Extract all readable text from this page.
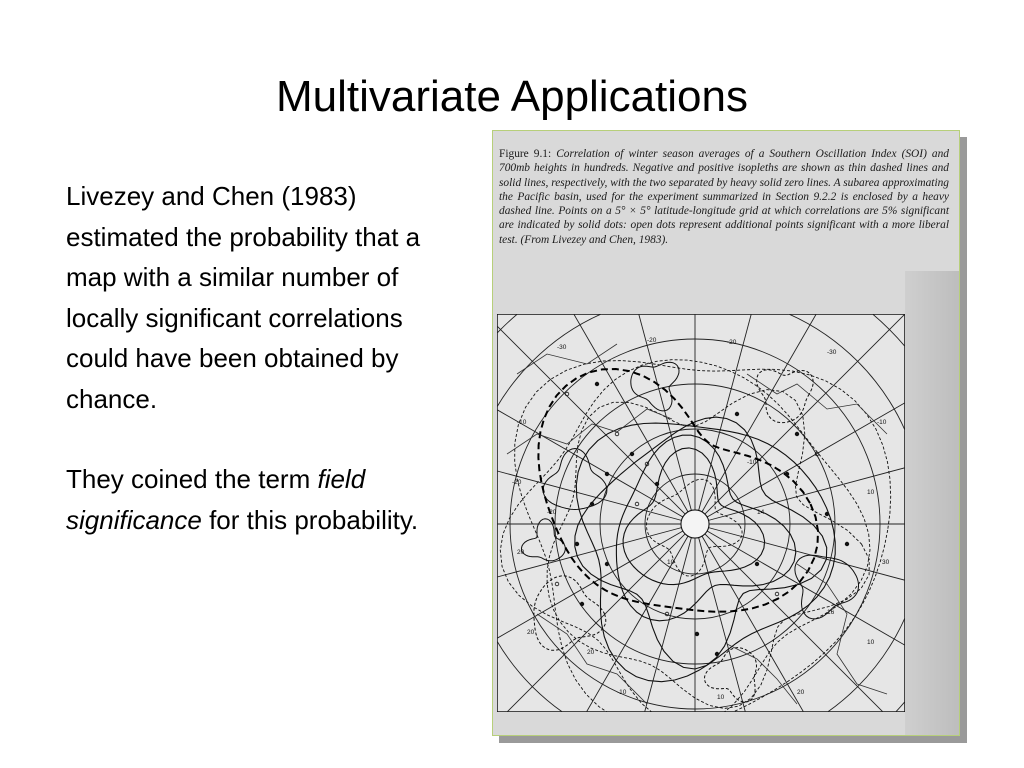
Multivariate Applications

Livezey and Chen (1983) estimated the probability that a map with a similar number of locally significant correlations could have been obtained by chance.

They coined the term field significance for this probability.

Figure 9.1: Correlation of winter season averages of a Southern Oscillation Index (SOI) and 700mb heights in hundreds. Negative and positive isopleths are shown as thin dashed lines and solid lines, respectively, with the two separated by heavy solid zero lines. A subarea approximating the Pacific basin, used for the experiment summarized in Section 9.2.2 is enclosed by a heavy dashed line. Points on a 5° × 5° latitude-longitude grid at which correlations are 5% significant are indicated by solid dots: open dots represent additional points significant with a more liberal test. (From Livezey and Chen, 1983).
-30
-20	-20
-30
-10	-10
-20
10
20
30
20
10
-10
10
20
-20
10
14
16
20
-10
